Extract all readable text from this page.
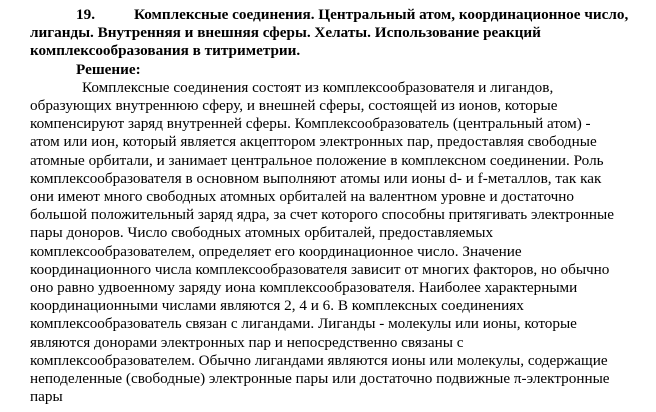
19.	Комплексные соединения. Центральный атом, координационное число,
лиганды. Внутренняя и внешняя сферы. Хелаты. Использование реакций
комплексообразования в титриметрии.
Решение:
Комплексные соединения состоят из комплексообразователя и лигандов,
образующих внутреннюю сферу, и внешней сферы, состоящей из ионов, которые
компенсируют заряд внутренней сферы. Комплексообразователь (центральный атом) -
атом или ион, который является акцептором электронных пар, предоставляя свободные
атомные орбитали, и занимает центральное положение в комплексном соединении. Роль
комплексообразователя в основном выполняют атомы или ионы d- и f-металлов, так как
они имеют много свободных атомных орбиталей на валентном уровне и достаточно
большой положительный заряд ядра, за счет которого способны притягивать электронные
пары доноров. Число свободных атомных орбиталей, предоставляемых
комплексообразователем, определяет его координационное число. Значение
координационного числа комплексообразователя зависит от многих факторов, но обычно
оно равно удвоенному заряду иона комплексообразователя. Наиболее характерными
координационными числами являются 2, 4 и 6. В комплексных соединениях
комплексообразователь связан с лигандами. Лиганды - молекулы или ионы, которые
являются донорами электронных пар и непосредственно связаны с
комплексообразователем. Обычно лигандами являются ионы или молекулы, содержащие
неподеленные (свободные) электронные пары или достаточно подвижные π-электронные
пары
